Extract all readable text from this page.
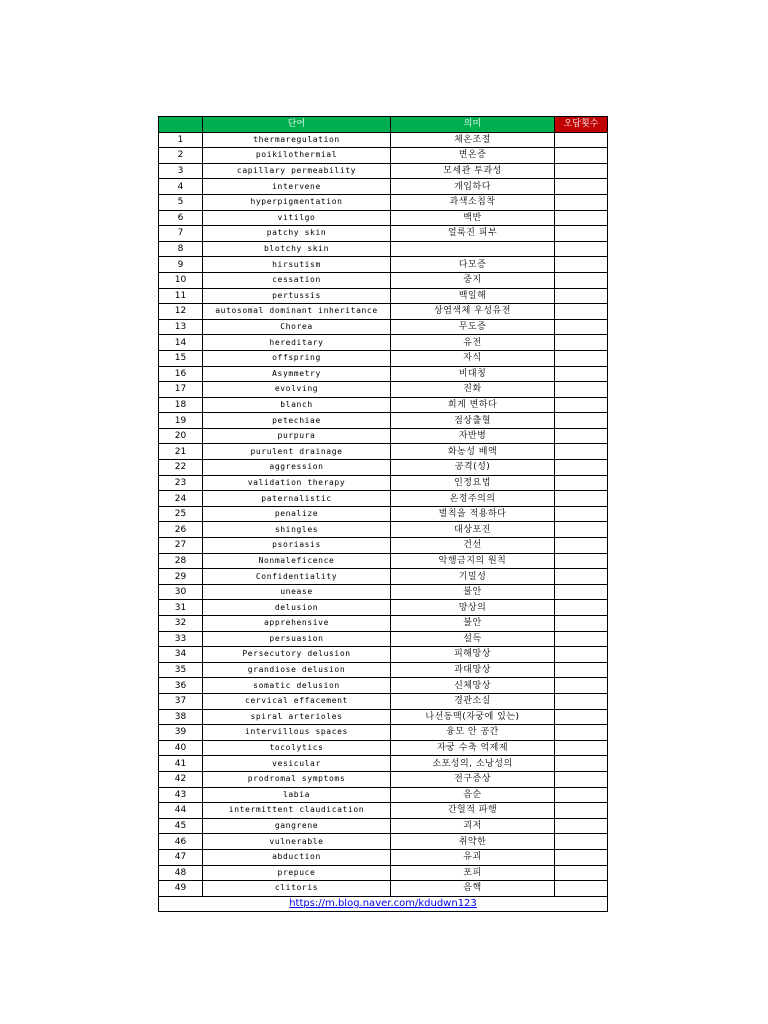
	단어	의미	오답횟수
1	thermaregulation	체온조절	
2	poikilothermial	변온증	
3	capillary permeability	모세관 투과성	
4	intervene	개입하다	
5	hyperpigmentation	과색소침착	
6	vitilgo	백반	
7	patchy skin	얼룩진 피부	
8	blotchy skin		
9	hirsutism	다모증	
10	cessation	중지	
11	pertussis	백일해	
12	autosomal dominant inheritance	상염색체 우성유전	
13	Chorea	무도증	
14	hereditary	유전	
15	offspring	자식	
16	Asymmetry	비대칭	
17	evolving	진화	
18	blanch	희게 변하다	
19	petechiae	점상출혈	
20	purpura	자반병	
21	purulent drainage	화농성 배액	
22	aggression	공격(성)	
23	validation therapy	인정요법	
24	paternalistic	온정주의의	
25	penalize	벌칙을 적용하다	
26	shingles	대상포진	
27	psoriasis	건선	
28	Nonmaleficence	악행금지의 원칙	
29	Confidentiality	기밀성	
30	unease	불안	
31	delusion	망상의	
32	apprehensive	불안	
33	persuasion	설득	
34	Persecutory delusion	피해망상	
35	grandiose delusion	과대망상	
36	somatic delusion	신체망상	
37	cervical effacement	경관소실	
38	spiral arterioles	나선동맥(자궁에 있는)	
39	intervillous spaces	융모 안 공간	
40	tocolytics	자궁 수축 억제제	
41	vesicular	소포성의, 소낭성의	
42	prodromal symptoms	전구증상	
43	labia	음순	
44	intermittent claudication	간헐적 파행	
45	gangrene	괴저	
46	vulnerable	취약한	
47	abduction	유괴	
48	prepuce	포피	
49	clitoris	음핵	
https://m.blog.naver.com/kdudwn123			
